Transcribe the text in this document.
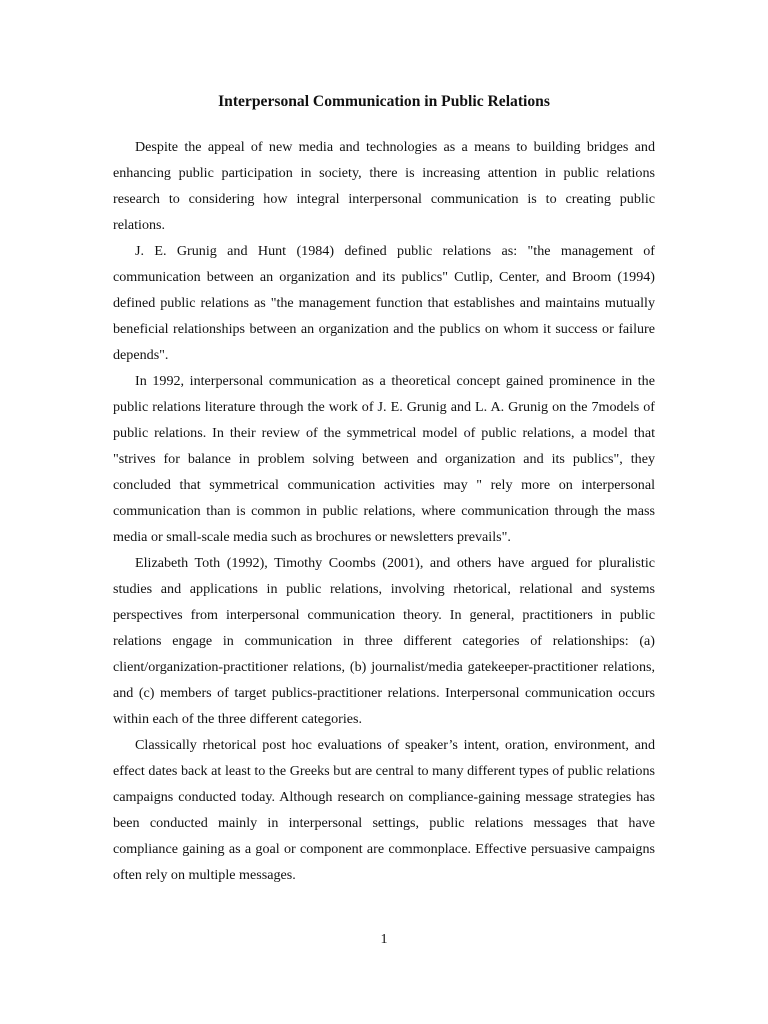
Interpersonal Communication in Public Relations

Despite the appeal of new media and technologies as a means to building bridges and enhancing public participation in society, there is increasing attention in public relations research to considering how integral interpersonal communication is to creating public relations.

J. E. Grunig and Hunt (1984) defined public relations as: "the management of communication between an organization and its publics" Cutlip, Center, and Broom (1994) defined public relations as "the management function that establishes and maintains mutually beneficial relationships between an organization and the publics on whom it success or failure depends".

In 1992, interpersonal communication as a theoretical concept gained prominence in the public relations literature through the work of J. E. Grunig and L. A. Grunig on the 7models of public relations. In their review of the symmetrical model of public relations, a model that "strives for balance in problem solving between and organization and its publics", they concluded that symmetrical communication activities may " rely more on interpersonal communication than is common in public relations, where communication through the mass media or small-scale media such as brochures or newsletters prevails".

Elizabeth Toth (1992), Timothy Coombs (2001), and others have argued for pluralistic studies and applications in public relations, involving rhetorical, relational and systems perspectives from interpersonal communication theory. In general, practitioners in public relations engage in communication in three different categories of relationships: (a) client/organization-practitioner relations, (b) journalist/media gatekeeper-practitioner relations, and (c) members of target publics-practitioner relations. Interpersonal communication occurs within each of the three different categories.

Classically rhetorical post hoc evaluations of speaker’s intent, oration, environment, and effect dates back at least to the Greeks but are central to many different types of public relations campaigns conducted today. Although research on compliance-gaining message strategies has been conducted mainly in interpersonal settings, public relations messages that have compliance gaining as a goal or component are commonplace. Effective persuasive campaigns often rely on multiple messages.

1
